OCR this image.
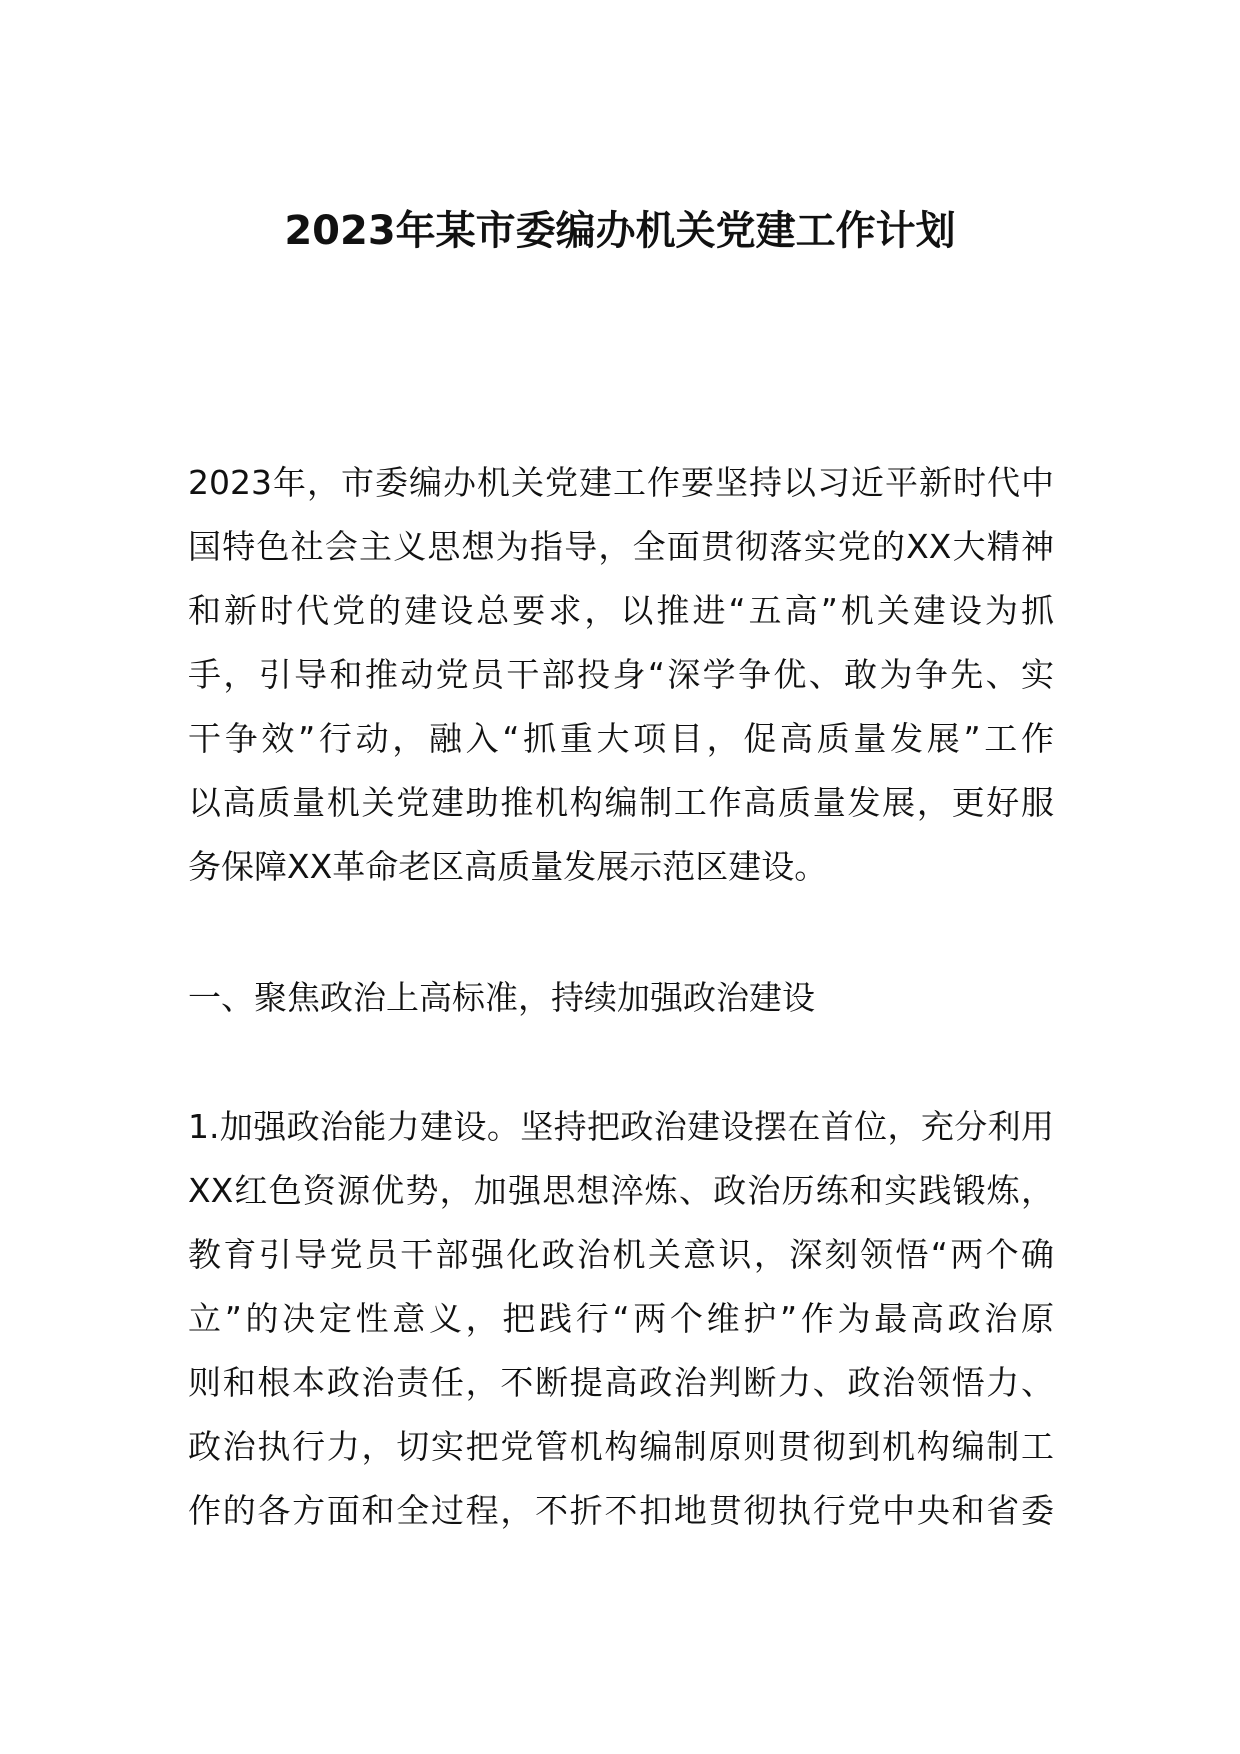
2023年某市委编办机关党建工作计划
2023年，市委编办机关党建工作要坚持以习近平新时代中
国特色社会主义思想为指导，全面贯彻落实党的XX大精神
和新时代党的建设总要求，以推进“五高”机关建设为抓
手，引导和推动党员干部投身“深学争优、敢为争先、实
干争效”行动，融入“抓重大项目，促高质量发展”工作
以高质量机关党建助推机构编制工作高质量发展，更好服
务保障XX革命老区高质量发展示范区建设。
一、聚焦政治上高标准，持续加强政治建设
1.加强政治能力建设。坚持把政治建设摆在首位，充分利用
XX红色资源优势，加强思想淬炼、政治历练和实践锻炼，
教育引导党员干部强化政治机关意识，深刻领悟“两个确
立”的决定性意义，把践行“两个维护”作为最高政治原
则和根本政治责任，不断提高政治判断力、政治领悟力、
政治执行力，切实把党管机构编制原则贯彻到机构编制工
作的各方面和全过程，不折不扣地贯彻执行党中央和省委
